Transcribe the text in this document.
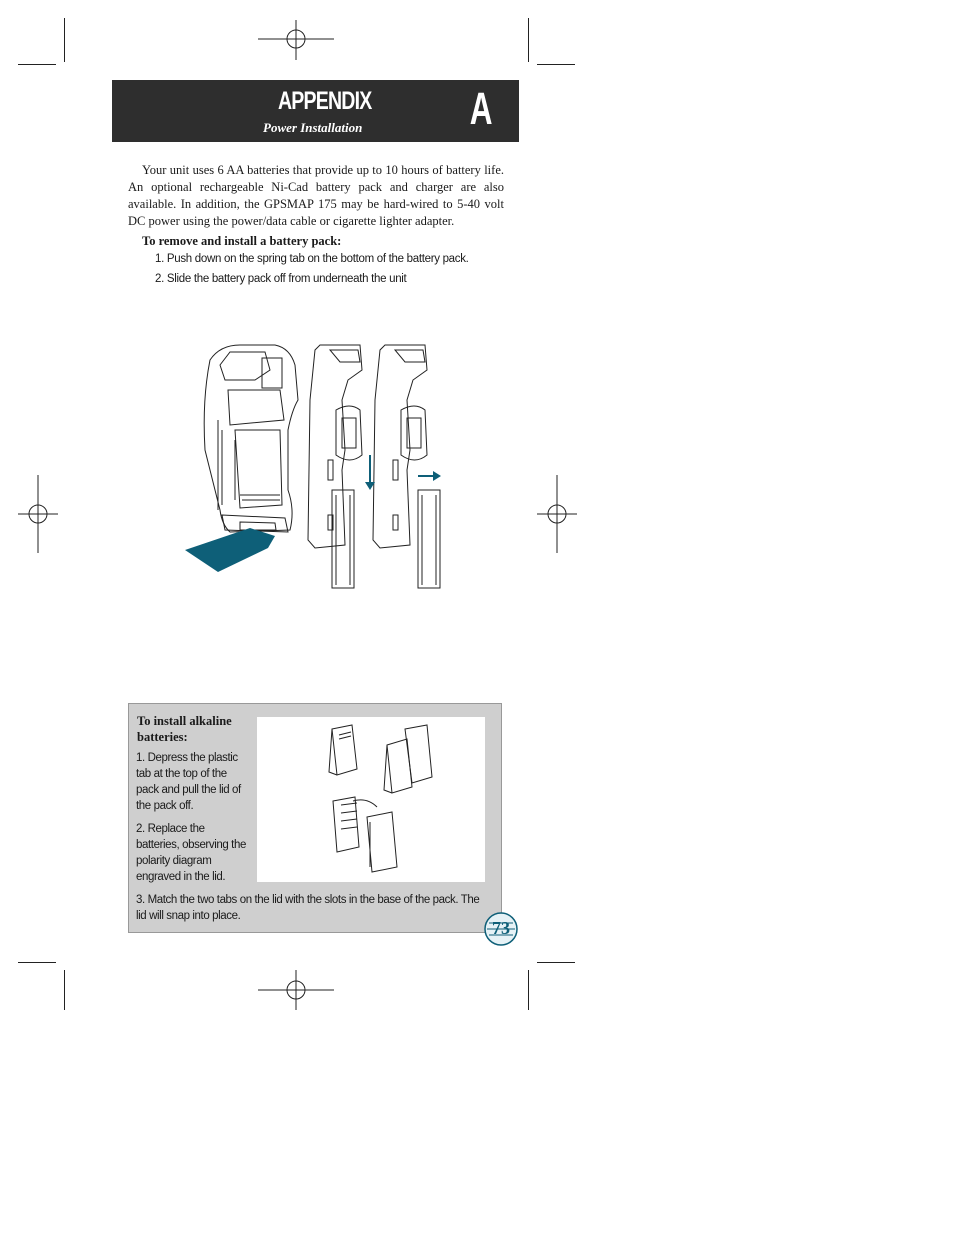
APPENDIX
Power Installation A
Your unit uses 6 AA batteries that provide up to 10 hours of battery life. An optional rechargeable Ni-Cad battery pack and charger are also available. In addition, the GPSMAP 175 may be hard-wired to 5-40 volt DC power using the power/data cable or cigarette lighter adapter.
To remove and install a battery pack:
1. Push down on the spring tab on the bottom of the battery pack.
2. Slide the battery pack off from underneath the unit
To install alkaline batteries:
1. Depress the plastic tab at the top of the pack and pull the lid of the pack off.
2. Replace the batteries, observing the polarity diagram engraved in the lid.
3. Match the two tabs on the lid with the slots in the base of the pack. The lid will snap into place.
73
